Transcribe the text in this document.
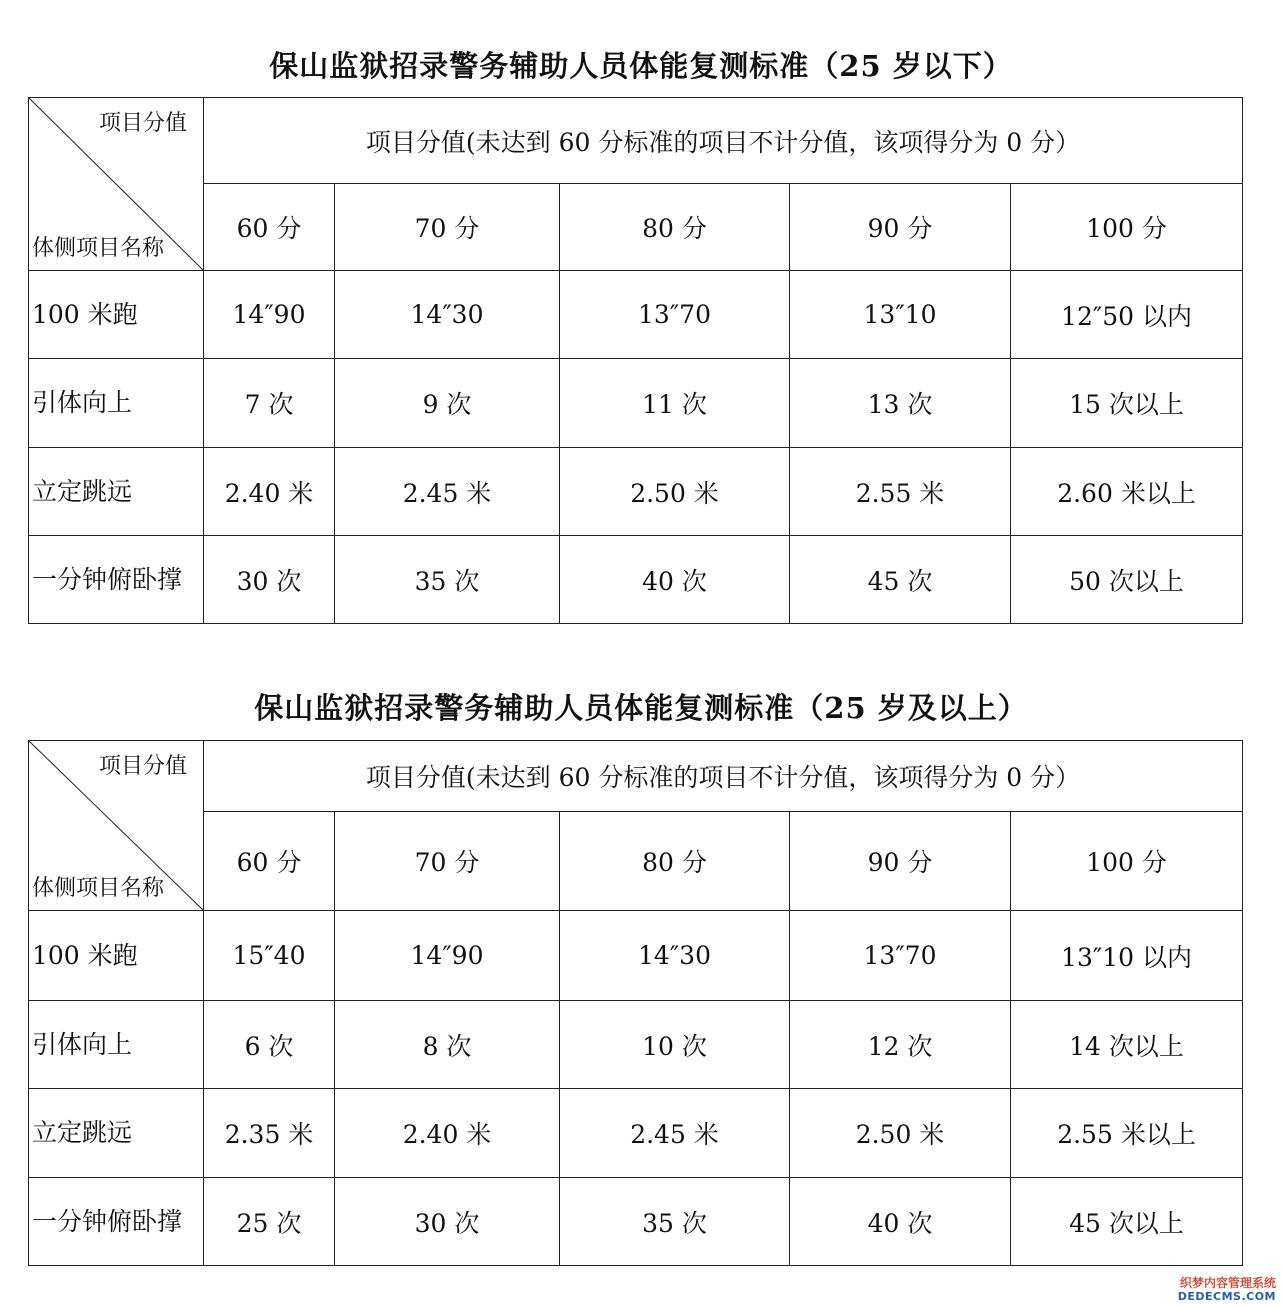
保山监狱招录警务辅助人员体能复测标准（25 岁以下）
项目分值
体侧项目名称	项目分值(未达到 60 分标准的项目不计分值，该项得分为 0 分）				
	60 分	70 分	80 分	90 分	100 分
100 米跑	14″90	14″30	13″70	13″10	12″50 以内
引体向上	7 次	9 次	11 次	13 次	15 次以上
立定跳远	2.40 米	2.45 米	2.50 米	2.55 米	2.60 米以上

一分钟俯卧撑	30 次	35 次	40 次	45 次	50 次以上
保山监狱招录警务辅助人员体能复测标准（25 岁及以上）
项目分值
体侧项目名称	项目分值(未达到 60 分标准的项目不计分值，该项得分为 0 分）				
	60 分	70 分	80 分	90 分	100 分
100 米跑	15″40	14″90	14″30	13″70	13″10 以内
引体向上	6 次	8 次	10 次	12 次	14 次以上
立定跳远	2.35 米	2.40 米	2.45 米	2.50 米	2.55 米以上

一分钟俯卧撑	25 次	30 次	35 次	40 次	45 次以上
织梦内容管理系统
DEDECMS.COM
